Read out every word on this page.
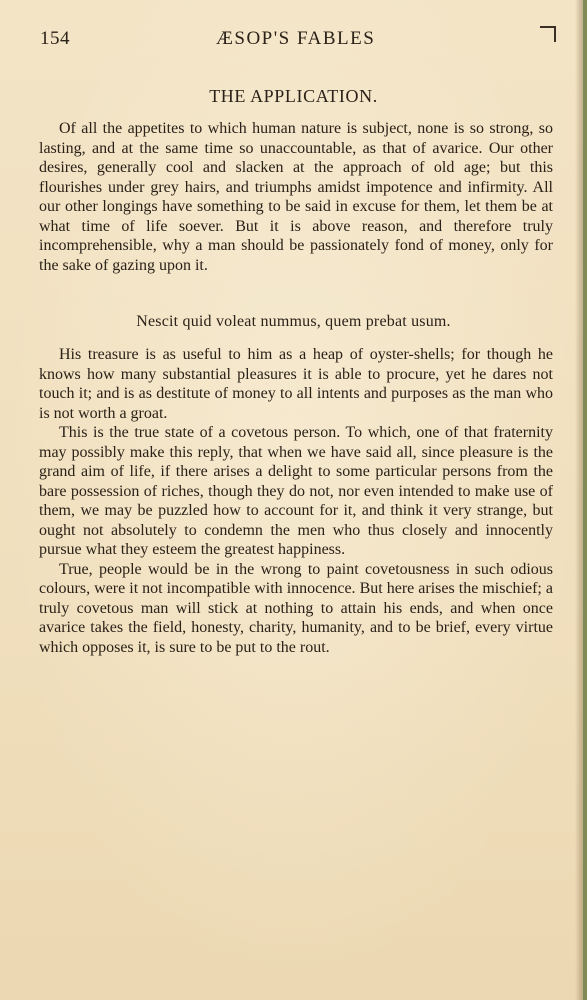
154	ÆSOP'S FABLES
THE APPLICATION.

Of all the appetites to which human nature is subject, none is so strong, so lasting, and at the same time so unaccountable, as that of avarice. Our other desires, generally cool and slacken at the approach of old age; but this flourishes under grey hairs, and triumphs amidst impotence and infirmity. All our other longings have something to be said in excuse for them, let them be at what time of life soever. But it is above reason, and therefore truly incomprehensible, why a man should be passionately fond of money, only for the sake of gazing upon it.

Nescit quid voleat nummus, quem prebat usum.

His treasure is as useful to him as a heap of oyster-shells; for though he knows how many substantial pleasures it is able to procure, yet he dares not touch it; and is as destitute of money to all intents and purposes as the man who is not worth a groat.

This is the true state of a covetous person. To which, one of that fraternity may possibly make this reply, that when we have said all, since pleasure is the grand aim of life, if there arises a delight to some particular persons from the bare possession of riches, though they do not, nor even intended to make use of them, we may be puzzled how to account for it, and think it very strange, but ought not absolutely to condemn the men who thus closely and innocently pursue what they esteem the greatest happiness.

True, people would be in the wrong to paint covetousness in such odious colours, were it not incompatible with innocence. But here arises the mischief; a truly covetous man will stick at nothing to attain his ends, and when once avarice takes the field, honesty, charity, humanity, and to be brief, every virtue which opposes it, is sure to be put to the rout.
